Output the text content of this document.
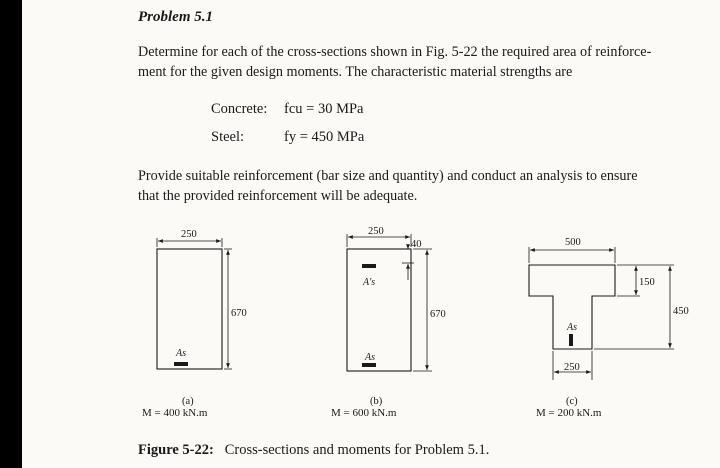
Problem 5.1
Determine for each of the cross-sections shown in Fig. 5-22 the required area of reinforce-
ment for the given design moments. The characteristic material strengths are
Concrete: fcu = 30 MPa
Steel:	fy = 450 MPa
Provide suitable reinforcement (bar size and quantity) and conduct an analysis to ensure
that the provided reinforcement will be adequate.
250
670
As
(a)
M = 400 kN.m
250
40
670
A's
As
(b)
M = 600 kN.m
500
150
450
As
250
(c)
M = 200 kN.m
Figure 5-22: Cross-sections and moments for Problem 5.1.
